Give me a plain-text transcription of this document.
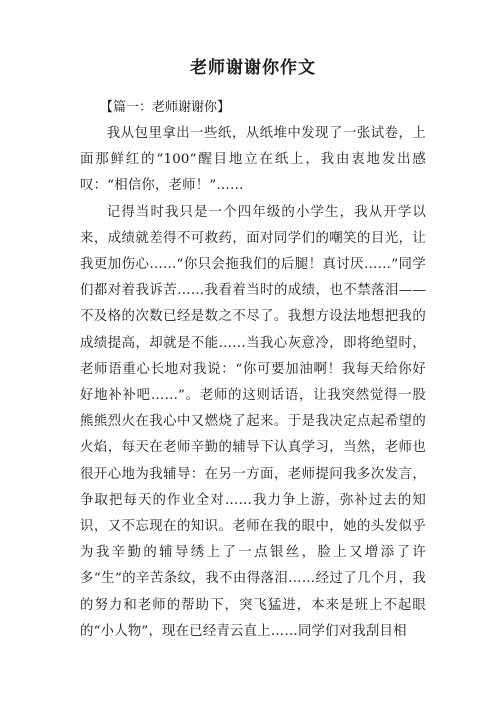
老师谢谢你作文
【篇一：老师谢谢你】

我从包里拿出一些纸，从纸堆中发现了一张试卷，上面那鲜红的“100”醒目地立在纸上，我由衷地发出感叹：“相信你，老师！”……

记得当时我只是一个四年级的小学生，我从开学以来，成绩就差得不可救药，面对同学们的嘲笑的目光，让我更加伤心……“你只会拖我们的后腿！真讨厌……”同学们都对着我诉苦……我看着当时的成绩，也不禁落泪——不及格的次数已经是数之不尽了。我想方设法地想把我的成绩提高，却就是不能……当我心灰意冷，即将绝望时，老师语重心长地对我说：“你可要加油啊！我每天给你好好地补补吧……”。老师的这则话语，让我突然觉得一股熊熊烈火在我心中又燃烧了起来。于是我决定点起希望的火焰，每天在老师辛勤的辅导下认真学习，当然，老师也很开心地为我辅导：在另一方面，老师提问我多次发言，争取把每天的作业全对……我力争上游，弥补过去的知识，又不忘现在的知识。老师在我的眼中，她的头发似乎为我辛勤的辅导绣上了一点银丝，脸上又增添了许多“生”的辛苦条纹，我不由得落泪……经过了几个月，我的努力和老师的帮助下，突飞猛进，本来是班上不起眼的“小人物”，现在已经青云直上……同学们对我刮目相
